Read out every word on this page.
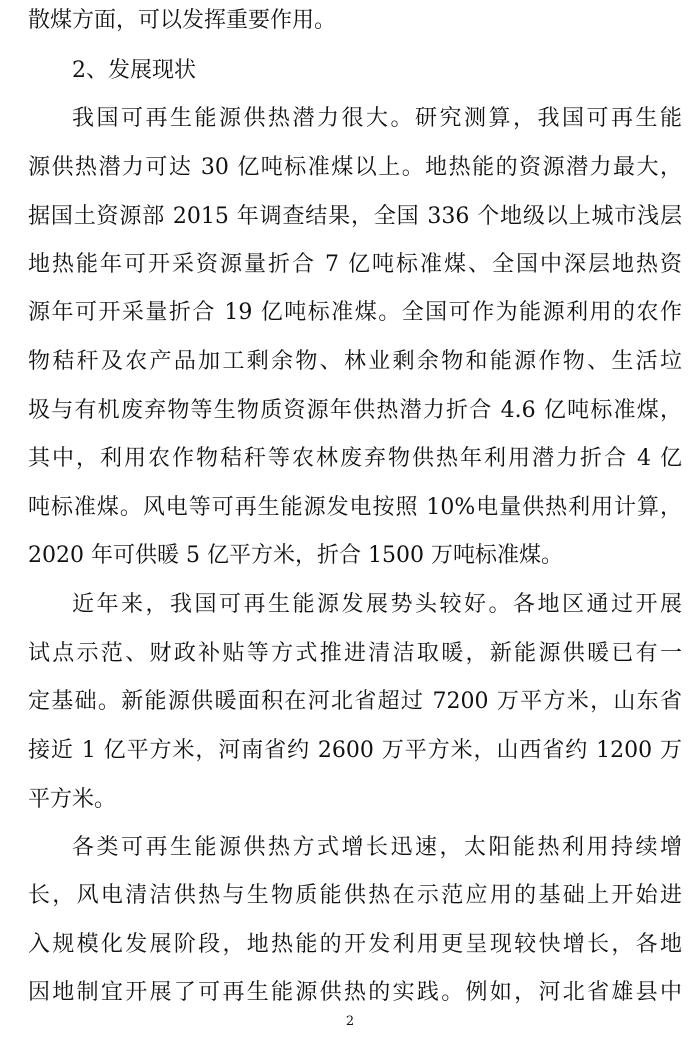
散煤方面，可以发挥重要作用。
2、发展现状
我国可再生能源供热潜力很大。研究测算，我国可再生能
源供热潜力可达 30 亿吨标准煤以上。地热能的资源潜力最大，
据国土资源部 2015 年调查结果，全国 336 个地级以上城市浅层
地热能年可开采资源量折合 7 亿吨标准煤、全国中深层地热资
源年可开采量折合 19 亿吨标准煤。全国可作为能源利用的农作
物秸秆及农产品加工剩余物、林业剩余物和能源作物、生活垃
圾与有机废弃物等生物质资源年供热潜力折合 4.6 亿吨标准煤，
其中，利用农作物秸秆等农林废弃物供热年利用潜力折合 4 亿
吨标准煤。风电等可再生能源发电按照 10%电量供热利用计算，
2020 年可供暖 5 亿平方米，折合 1500 万吨标准煤。
近年来，我国可再生能源发展势头较好。各地区通过开展
试点示范、财政补贴等方式推进清洁取暖，新能源供暖已有一
定基础。新能源供暖面积在河北省超过 7200 万平方米，山东省
接近 1 亿平方米，河南省约 2600 万平方米，山西省约 1200 万
平方米。
各类可再生能源供热方式增长迅速，太阳能热利用持续增
长，风电清洁供热与生物质能供热在示范应用的基础上开始进
入规模化发展阶段，地热能的开发利用更呈现较快增长，各地
因地制宜开展了可再生能源供热的实践。例如，河北省雄县中
2
